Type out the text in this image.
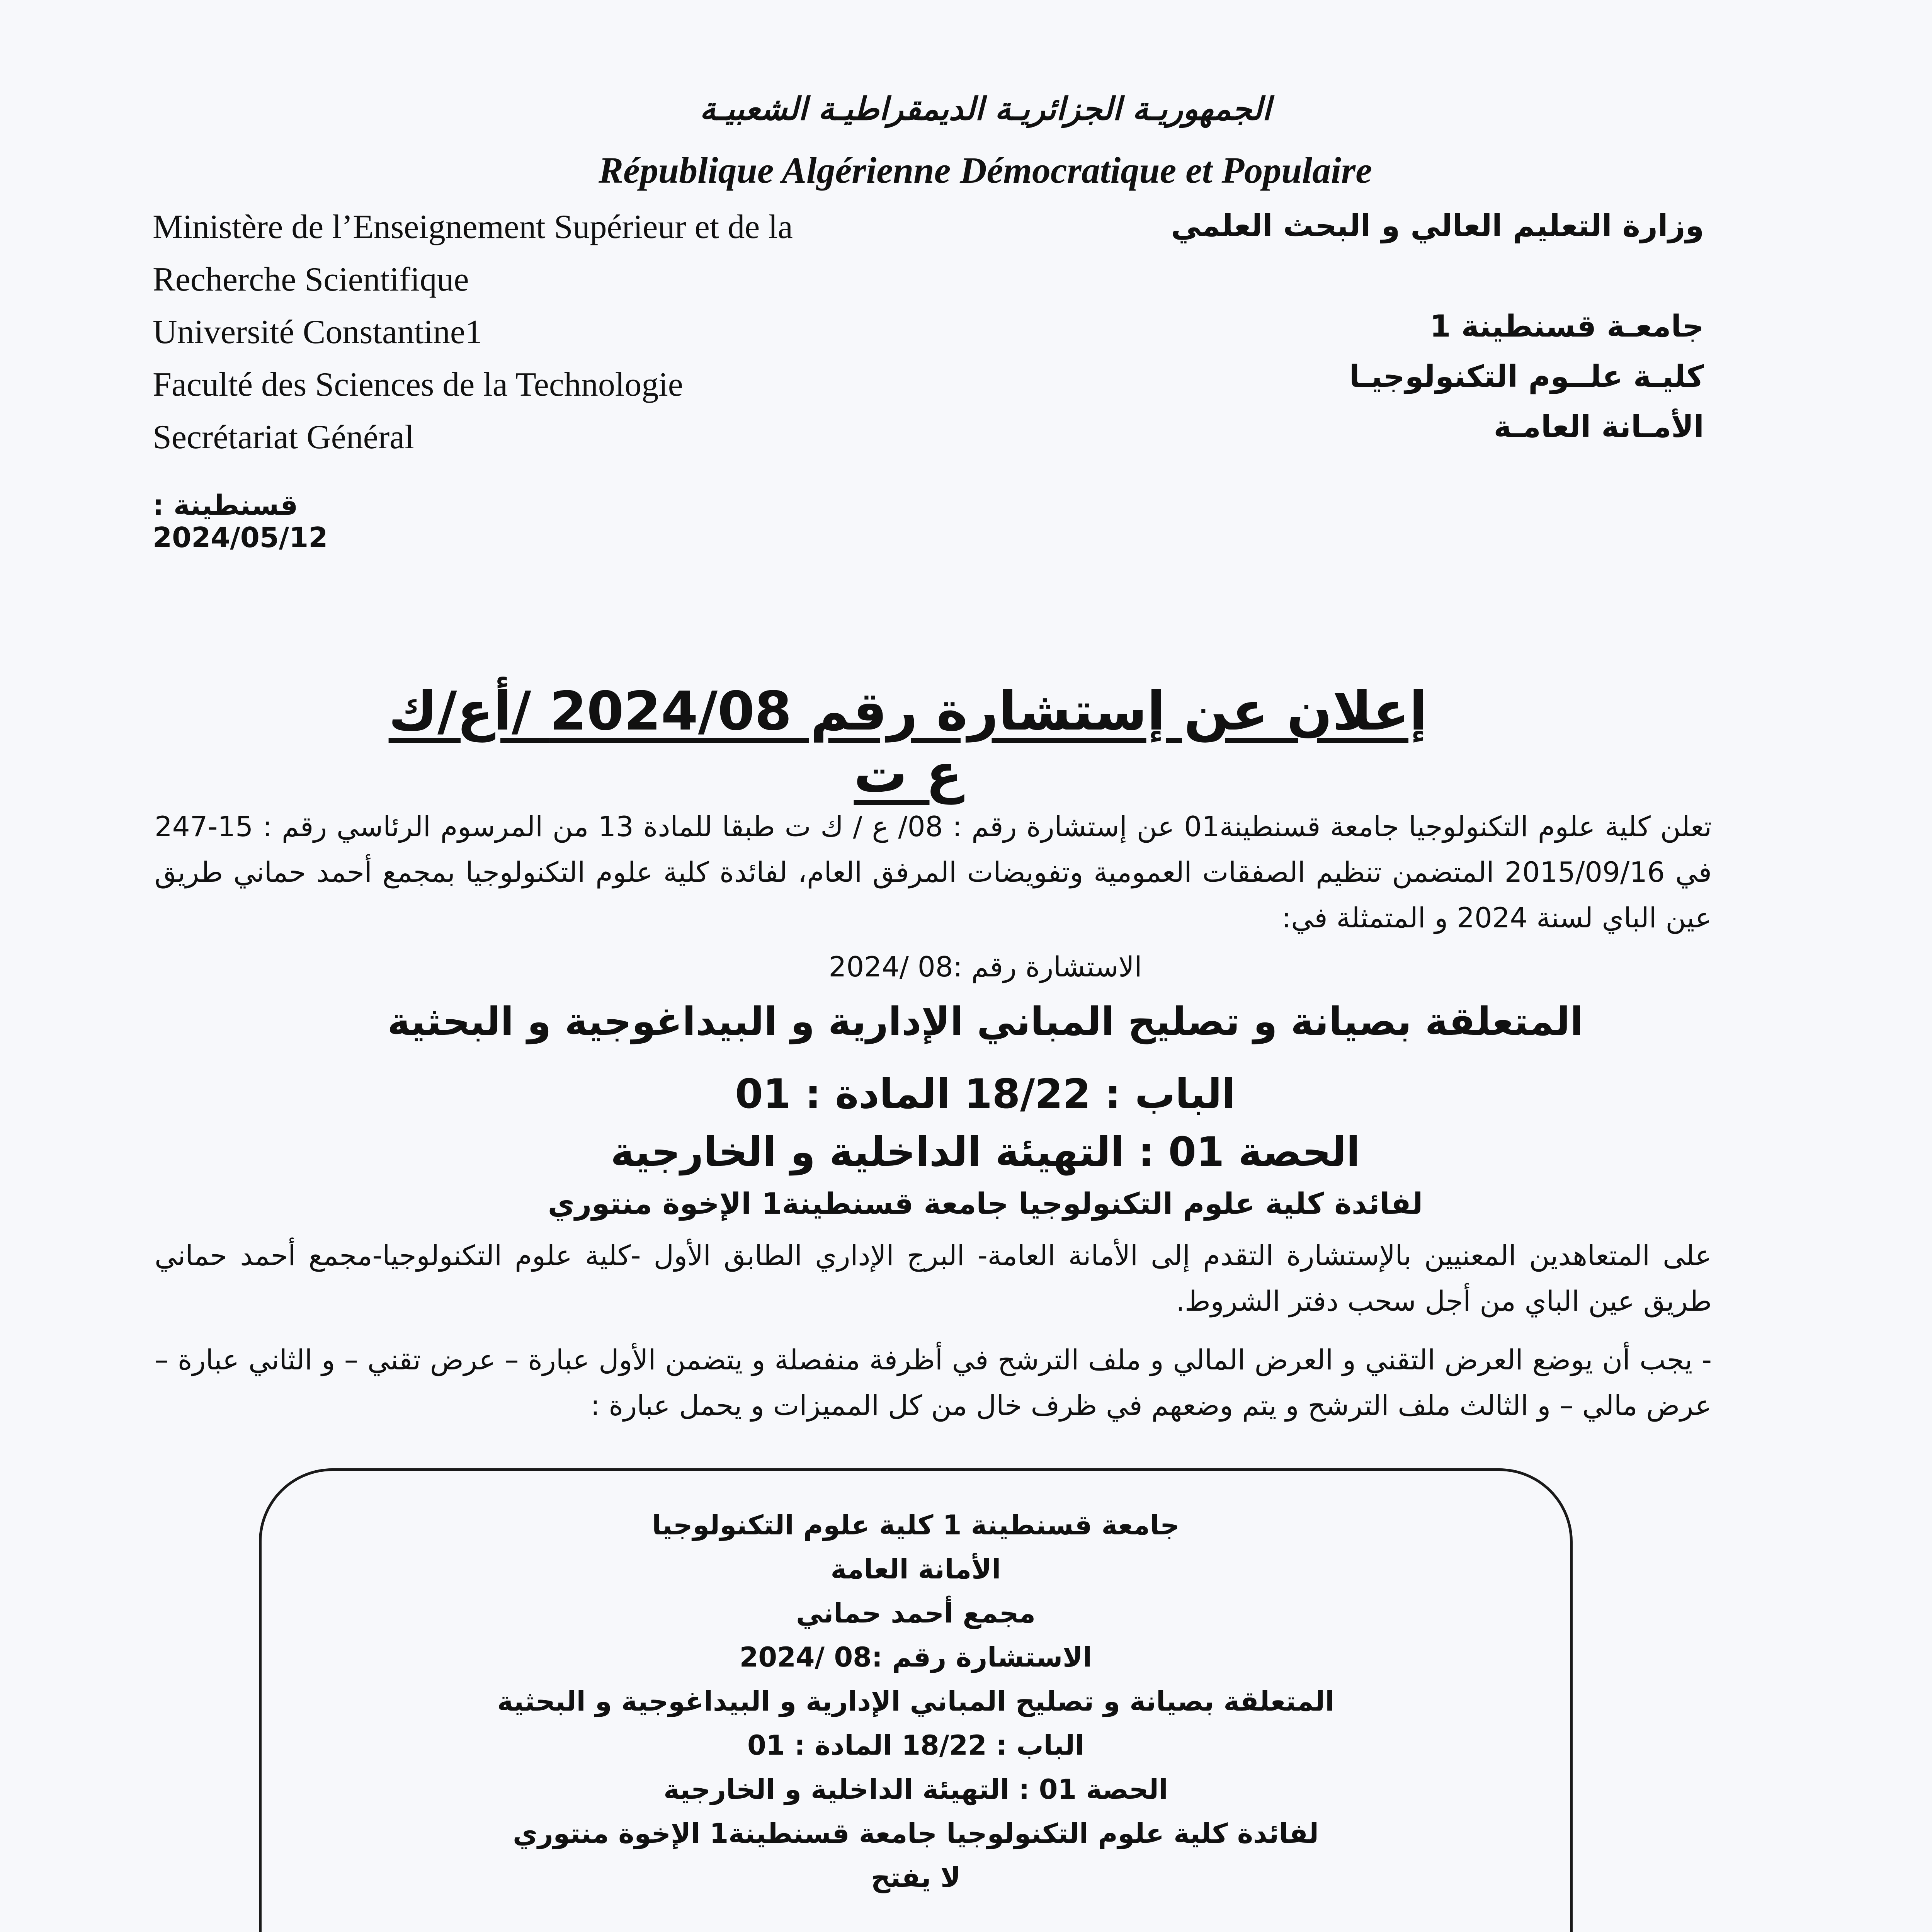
الجمهوريـة الجزائريـة الديمقراطيـة الشعبيـة
République Algérienne Démocratique et Populaire
Ministère de l’Enseignement Supérieur et de la
Recherche Scientifique
Université Constantine1
Faculté des Sciences de la Technologie
Secrétariat Général
وزارة التعليم العالي و البحث العلمي
جامعـة قسنطينة 1
كليـة علــوم التكنولوجيـا
الأمـانة العامـة
قسنطينة : 2024/05/12
إعلان عن إستشارة رقم 2024/08 /أع/ك ع ت
تعلن كلية علوم التكنولوجيا جامعة قسنطينة01 عن إستشارة رقم : 08/ ع / ك ت طبقا للمادة 13 من المرسوم الرئاسي رقم : 15-247 في 2015/09/16 المتضمن تنظيم الصفقات العمومية وتفويضات المرفق العام، لفائدة كلية علوم التكنولوجيا بمجمع أحمد حماني طريق عين الباي لسنة 2024 و المتمثلة في:
الاستشارة رقم :08 /2024
المتعلقة بصيانة و تصليح المباني الإدارية و البيداغوجية و البحثية
الباب : 18/22 المادة : 01
الحصة 01 : التهيئة الداخلية و الخارجية
لفائدة كلية علوم التكنولوجيا جامعة قسنطينة1 الإخوة منتوري
على المتعاهدين المعنيين بالإستشارة التقدم إلى الأمانة العامة- البرج الإداري الطابق الأول -كلية علوم التكنولوجيا-مجمع أحمد حماني طريق عين الباي من أجل سحب دفتر الشروط.
- يجب أن يوضع العرض التقني و العرض المالي و ملف الترشح في أظرفة منفصلة و يتضمن الأول عبارة – عرض تقني – و الثاني عبارة – عرض مالي – و الثالث ملف الترشح و يتم وضعهم في ظرف خال من كل المميزات و يحمل عبارة :
جامعة قسنطينة 1 كلية علوم التكنولوجيا
الأمانة العامة
مجمع أحمد حماني
الاستشارة رقم :08 /2024
المتعلقة بصيانة و تصليح المباني الإدارية و البيداغوجية و البحثية
الباب : 18/22 المادة : 01
الحصة 01 : التهيئة الداخلية و الخارجية
لفائدة كلية علوم التكنولوجيا جامعة قسنطينة1 الإخوة منتوري
لا يفتح
